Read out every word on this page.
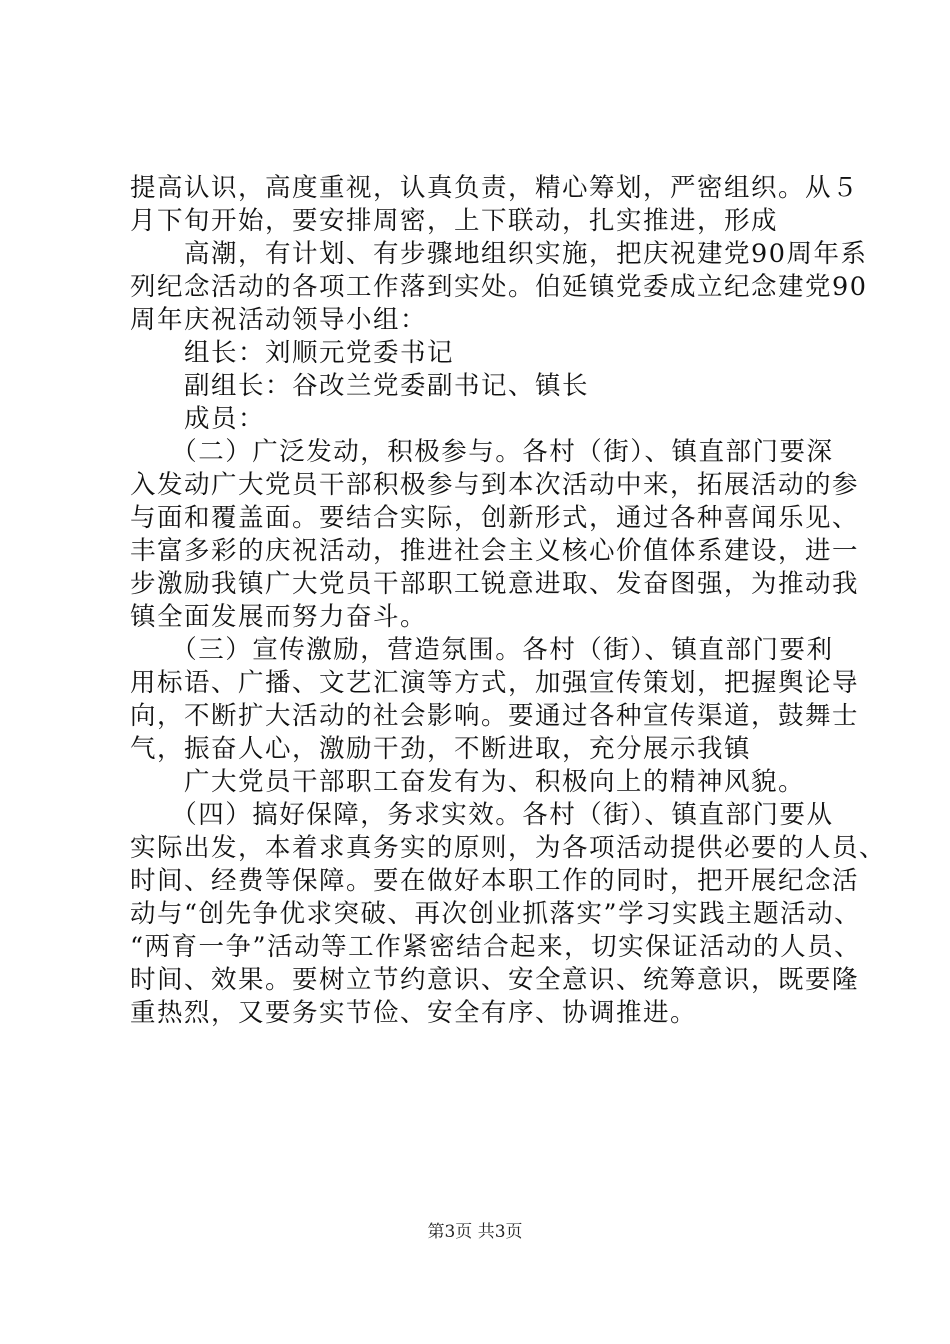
提高认识，高度重视，认真负责，精心筹划，严密组织。从５
月下旬开始，要安排周密，上下联动，扎实推进，形成
　　高潮，有计划、有步骤地组织实施，把庆祝建党90周年系
列纪念活动的各项工作落到实处。伯延镇党委成立纪念建党90
周年庆祝活动领导小组：
　　组长：刘顺元党委书记
　　副组长：谷改兰党委副书记、镇长
　　成员：
　　（二）广泛发动，积极参与。各村（街）、镇直部门要深
入发动广大党员干部积极参与到本次活动中来，拓展活动的参
与面和覆盖面。要结合实际，创新形式，通过各种喜闻乐见、
丰富多彩的庆祝活动，推进社会主义核心价值体系建设，进一
步激励我镇广大党员干部职工锐意进取、发奋图强，为推动我
镇全面发展而努力奋斗。
　　（三）宣传激励，营造氛围。各村（街）、镇直部门要利
用标语、广播、文艺汇演等方式，加强宣传策划，把握舆论导
向，不断扩大活动的社会影响。要通过各种宣传渠道，鼓舞士
气，振奋人心，激励干劲，不断进取，充分展示我镇
　　广大党员干部职工奋发有为、积极向上的精神风貌。
　　（四）搞好保障，务求实效。各村（街）、镇直部门要从
实际出发，本着求真务实的原则，为各项活动提供必要的人员、
时间、经费等保障。要在做好本职工作的同时，把开展纪念活
动与“创先争优求突破、再次创业抓落实”学习实践主题活动、
“两育一争”活动等工作紧密结合起来，切实保证活动的人员、
时间、效果。要树立节约意识、安全意识、统筹意识，既要隆
重热烈，又要务实节俭、安全有序、协调推进。
第3页 共3页
